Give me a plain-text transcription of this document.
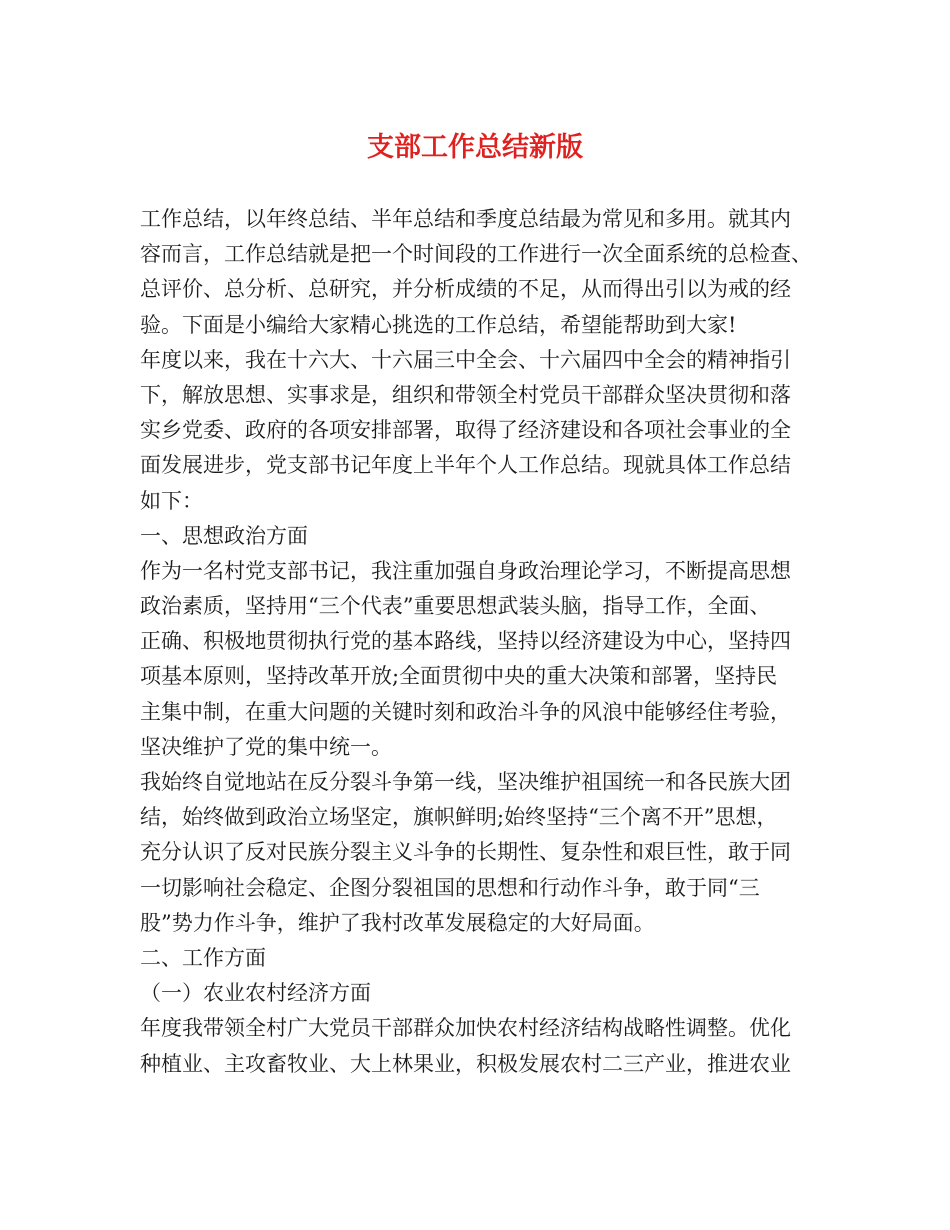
支部工作总结新版
工作总结，以年终总结、半年总结和季度总结最为常见和多用。就其内
容而言，工作总结就是把一个时间段的工作进行一次全面系统的总检查、
总评价、总分析、总研究，并分析成绩的不足，从而得出引以为戒的经
验。下面是小编给大家精心挑选的工作总结，希望能帮助到大家!
年度以来，我在十六大、十六届三中全会、十六届四中全会的精神指引
下，解放思想、实事求是，组织和带领全村党员干部群众坚决贯彻和落
实乡党委、政府的各项安排部署，取得了经济建设和各项社会事业的全
面发展进步，党支部书记年度上半年个人工作总结。现就具体工作总结
如下：
一、思想政治方面
作为一名村党支部书记，我注重加强自身政治理论学习，不断提高思想
政治素质，坚持用“三个代表”重要思想武装头脑，指导工作，全面、
正确、积极地贯彻执行党的基本路线，坚持以经济建设为中心，坚持四
项基本原则，坚持改革开放;全面贯彻中央的重大决策和部署，坚持民
主集中制，在重大问题的关键时刻和政治斗争的风浪中能够经住考验，
坚决维护了党的集中统一。
我始终自觉地站在反分裂斗争第一线，坚决维护祖国统一和各民族大团
结，始终做到政治立场坚定，旗帜鲜明;始终坚持“三个离不开”思想，
充分认识了反对民族分裂主义斗争的长期性、复杂性和艰巨性，敢于同
一切影响社会稳定、企图分裂祖国的思想和行动作斗争，敢于同“三
股”势力作斗争，维护了我村改革发展稳定的大好局面。
二、工作方面
（一）农业农村经济方面
年度我带领全村广大党员干部群众加快农村经济结构战略性调整。优化
种植业、主攻畜牧业、大上林果业，积极发展农村二三产业，推进农业
